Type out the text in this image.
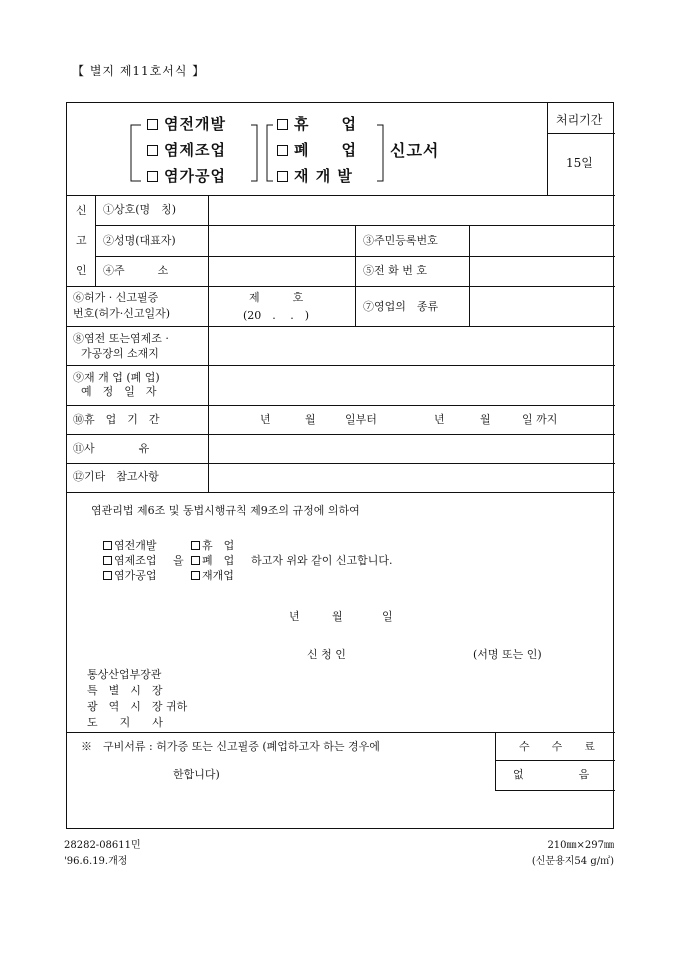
【 별지 제11호서식 】
처리기간
15일
염전개발
염제조업
염가공업
휴　　업
폐　　업
재 개 발
신고서
신
고
인
①상호(명　칭)
②성명(대표자)	③주민등록번호
④주　　　소	⑤전 화 번 호
⑥허가 · 신고필증
번호(허가·신고일자)
제　　　호
(20　. 　.　)
⑦영업의　종류
⑧염전 또는염제조 ·
가공장의 소재지
⑨재 개 업 (폐 업)
예　정　일　자
⑩휴　업　기　간	년	월	일부터	년	월	일 까지
⑪사　　　　유
⑫기타　참고사항
염관리법 제6조 및 동법시행규칙 제9조의 규정에 의하여
염전개발
염제조업
염가공업
을
휴　업
폐　업
재개업
하고자 위와 같이 신고합니다.
년	월	일
신 청 인	(서명 또는 인)
통상산업부장관
특　별　시　장
광　역　시　장 귀하
도　　지　　사
※　구비서류 : 허가증 또는 신고필증 (폐업하고자 하는 경우에
한합니다)
수　　수　　료
없　　　　　음
28282-08611민
'96.6.19.개정
210㎜×297㎜
(신문용지54 g/㎡)
